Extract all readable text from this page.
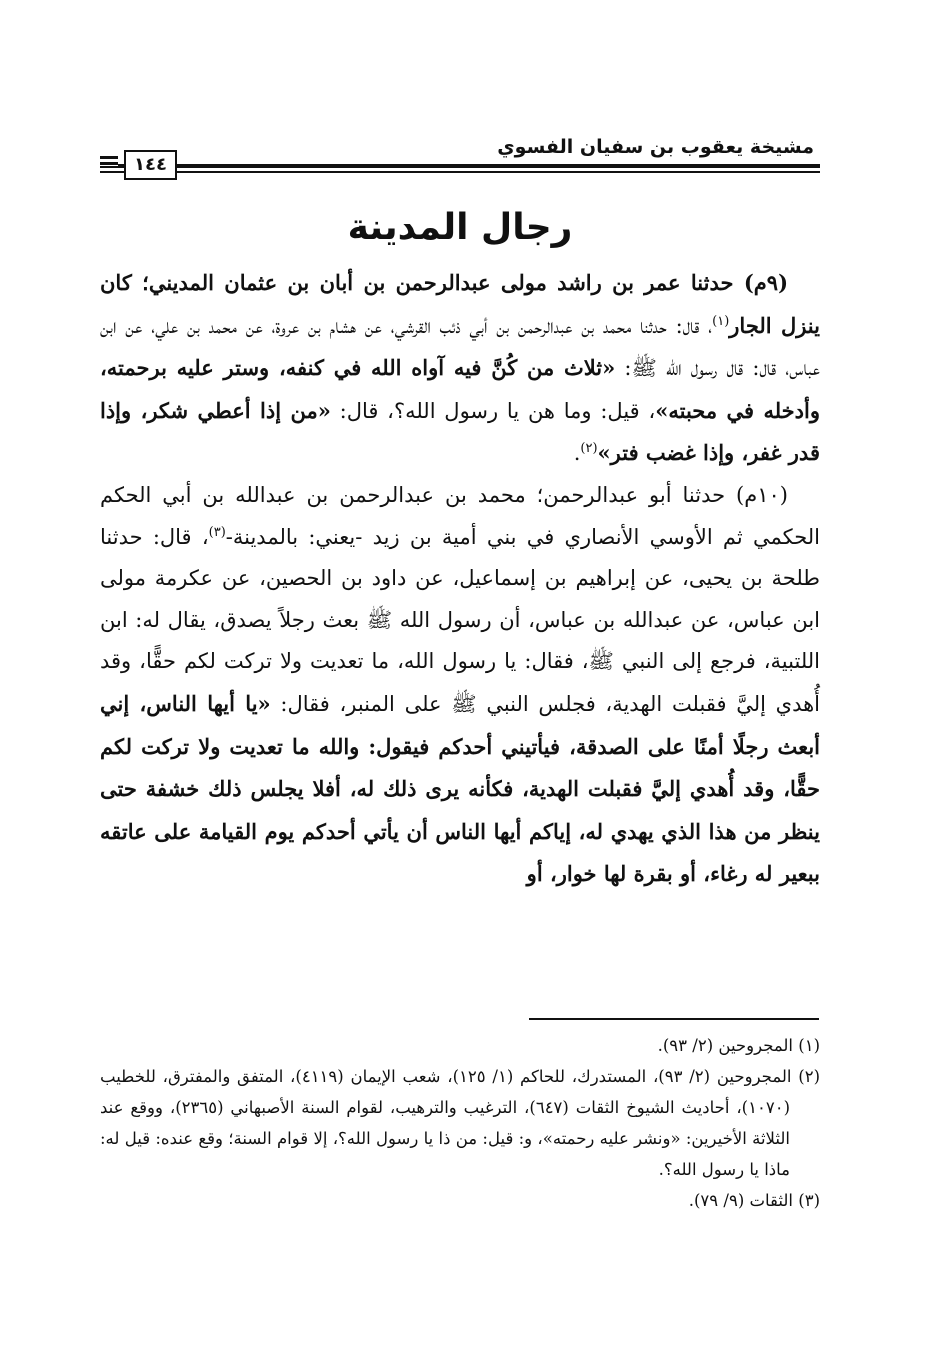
مشيخة يعقوب بن سفيان الفسوي
١٤٤
رجال المدينة

(٩م) حدثنا عمر بن راشد مولى عبدالرحمن بن أبان بن عثمان المديني؛ كان ينزل الجار$^{(١)}$، قال: حدثنا محمد بن عبدالرحمن بن أبي ذئب القرشي، عن هشام بن عروة، عن محمد بن علي، عن ابن عباس، قال: قال رسول الله ﷺ: «ثلاث من كُنَّ فيه آواه الله في كنفه، وستر عليه برحمته، وأدخله في محبته»، قيل: وما هن يا رسول الله؟، قال: «من إذا أعطي شكر، وإذا قدر غفر، وإذا غضب فتر»$^{(٢)}$.

(١٠م) حدثنا أبو عبدالرحمن؛ محمد بن عبدالرحمن بن عبدالله بن أبي الحكم الحكمي ثم الأوسي الأنصاري في بني أمية بن زيد -يعني: بالمدينة-$^{(٣)}$، قال: حدثنا طلحة بن يحيى، عن إبراهيم بن إسماعيل، عن داود بن الحصين، عن عكرمة مولى ابن عباس، عن عبدالله بن عباس، أن رسول الله ﷺ بعث رجلاً يصدق، يقال له: ابن اللتبية، فرجع إلى النبي ﷺ، فقال: يا رسول الله، ما تعديت ولا تركت لكم حقًّا، وقد أُهدي إليَّ فقبلت الهدية، فجلس النبي ﷺ على المنبر، فقال: «يا أيها الناس، إني أبعث رجلًا أمنًا على الصدقة، فيأتيني أحدكم فيقول: والله ما تعديت ولا تركت لكم حقًّا، وقد أُهدي إليَّ فقبلت الهدية، فكأنه يرى ذلك له، أفلا يجلس ذلك خشفة حتى ينظر من هذا الذي يهدي له، إياكم أيها الناس أن يأتي أحدكم يوم القيامة على عاتقه ببعير له رغاء، أو بقرة لها خوار، أو

(١) المجروحين (٢/ ٩٣).

(٢) المجروحين (٢/ ٩٣)، المستدرك، للحاكم (١/ ١٢٥)، شعب الإيمان (٤١١٩)، المتفق والمفترق، للخطيب (١٠٧٠)، أحاديث الشيوخ الثقات (٦٤٧)، الترغيب والترهيب، لقوام السنة الأصبهاني (٢٣٦٥)، ووقع عند الثلاثة الأخيرين: «ونشر عليه رحمته»، و: قيل: من ذا يا رسول الله؟، إلا قوام السنة؛ وقع عنده: قيل له: ماذا يا رسول الله؟.

(٣) الثقات (٩/ ٧٩).
